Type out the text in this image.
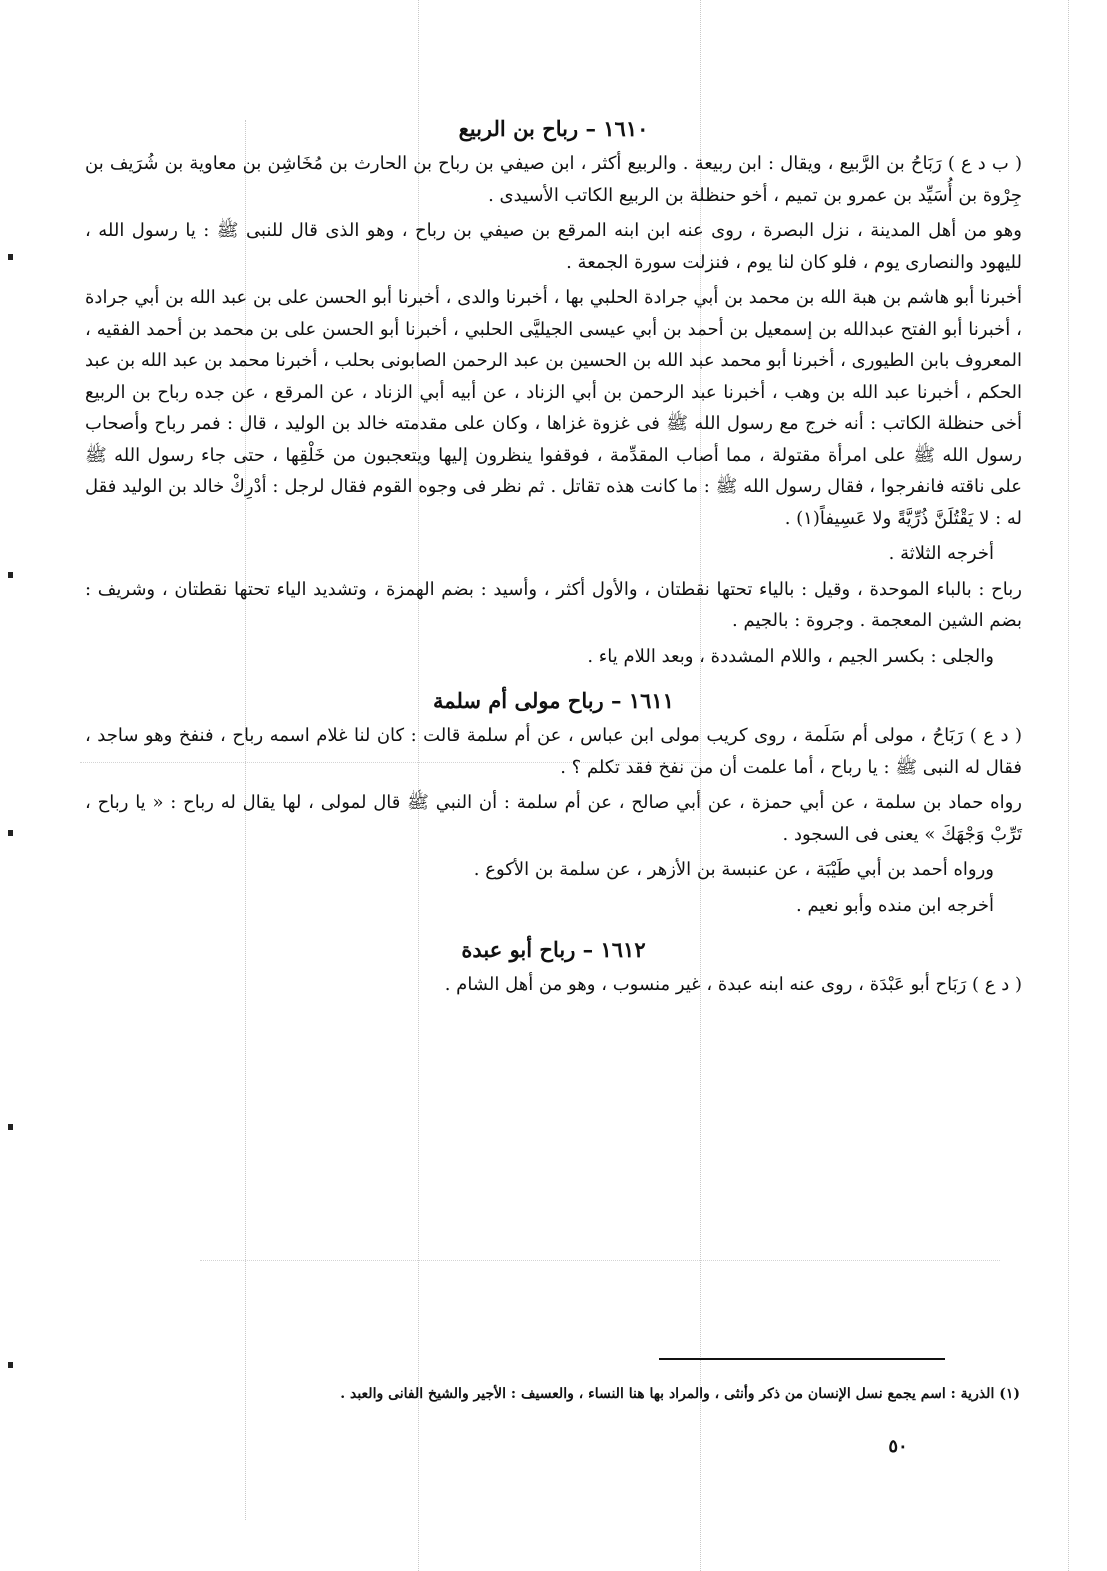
١٦١٠ – رباح بن الربيع

( ب د ع ) رَبَاحُ بن الرَّبيع ، ويقال : ابن ربيعة . والربيع أكثر ، ابن صيفي بن رباح بن الحارث بن مُخَاشِن بن معاوية بن شُرَيف بن جِرْوة بن أُسَيِّد بن عمرو بن تميم ، أخو حنظلة بن الربيع الكاتب الأسيدى .

وهو من أهل المدينة ، نزل البصرة ، روى عنه ابن ابنه المرقع بن صيفي بن رباح ، وهو الذى قال للنبى ﷺ : يا رسول الله ، لليهود والنصارى يوم ، فلو كان لنا يوم ، فنزلت سورة الجمعة .

أخبرنا أبو هاشم بن هبة الله بن محمد بن أبي جرادة الحلبي بها ، أخبرنا والدى ، أخبرنا أبو الحسن على بن عبد الله بن أبي جرادة ، أخبرنا أبو الفتح عبدالله بن إسمعيل بن أحمد بن أبي عيسى الجيليَّى الحلبي ، أخبرنا أبو الحسن على بن محمد بن أحمد الفقيه ، المعروف بابن الطيورى ، أخبرنا أبو محمد عبد الله بن الحسين بن عبد الرحمن الصابونى بحلب ، أخبرنا محمد بن عبد الله بن عبد الحكم ، أخبرنا عبد الله بن وهب ، أخبرنا عبد الرحمن بن أبي الزناد ، عن أبيه أبي الزناد ، عن المرقع ، عن جده رباح بن الربيع أخى حنظلة الكاتب : أنه خرج مع رسول الله ﷺ فى غزوة غزاها ، وكان على مقدمته خالد بن الوليد ، قال : فمر رباح وأصحاب رسول الله ﷺ على امرأة مقتولة ، مما أصاب المقدِّمة ، فوقفوا ينظرون إليها ويتعجبون من خَلْقِها ، حتى جاء رسول الله ﷺ على ناقته فانفرجوا ، فقال رسول الله ﷺ : ما كانت هذه تقاتل . ثم نظر فى وجوه القوم فقال لرجل : أدْرِكْ خالد بن الوليد فقل له : لا يَقْتُلَنَّ ذُرِّيَّةً ولا عَسِيفاً(١) .

أخرجه الثلاثة .

رباح : بالباء الموحدة ، وقيل : بالياء تحتها نقطتان ، والأول أكثر ، وأسيد : بضم الهمزة ، وتشديد الياء تحتها نقطتان ، وشريف : بضم الشين المعجمة . وجروة : بالجيم .

والجلى : بكسر الجيم ، واللام المشددة ، وبعد اللام ياء .

١٦١١ – رباح مولى أم سلمة

( د ع ) رَبَاحُ ، مولى أم سَلَمة ، روى كريب مولى ابن عباس ، عن أم سلمة قالت : كان لنا غلام اسمه رباح ، فنفخ وهو ساجد ، فقال له النبى ﷺ : يا رباح ، أما علمت أن من نفخ فقد تكلم ؟ .

رواه حماد بن سلمة ، عن أبي حمزة ، عن أبي صالح ، عن أم سلمة : أن النبي ﷺ قال لمولى ، لها يقال له رباح : « يا رباح ، تَرِّبْ وَجْهَكَ » يعنى فى السجود .

ورواه أحمد بن أبي طَيْبَة ، عن عنبسة بن الأزهر ، عن سلمة بن الأكوع .

أخرجه ابن منده وأبو نعيم .

١٦١٢ – رباح أبو عبدة

( د ع ) رَبَاح أبو عَبْدَة ، روى عنه ابنه عبدة ، غير منسوب ، وهو من أهل الشام .

(١) الذرية : اسم يجمع نسل الإنسان من ذكر وأنثى ، والمراد بها هنا النساء ، والعسيف : الأجير والشيخ الفانى والعبد .
٥٠
